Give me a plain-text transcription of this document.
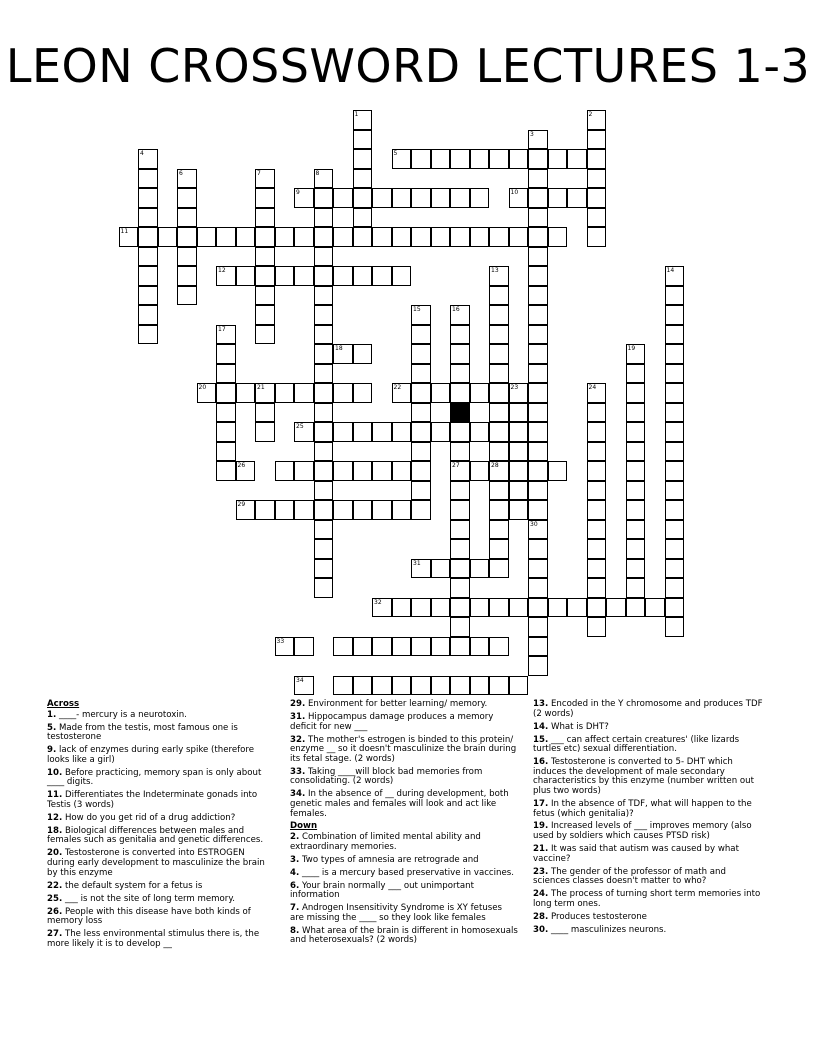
LEON CROSSWORD LECTURES 1-3
1	2
3
4	5
6	7	8
9	10
11
12	13	14
15	16
17
18	19
20	21	22	23	24
25
26	27	28
29
30
31
32
33
34
Across
1. ____- mercury is a neurotoxin.
5. Made from the testis, most famous one is testosterone
9. lack of enzymes during early spike (therefore looks like a girl)
10. Before practicing, memory span is only about ____ digits.
11. Differentiates the Indeterminate gonads into Testis (3 words)
12. How do you get rid of a drug addiction?
18. Biological differences between males and females such as genitalia and genetic differences.
20. Testosterone is converted into ESTROGEN during early development to masculinize the brain by this enzyme
22. the default system for a fetus is
25. ___ is not the site of long term memory.
26. People with this disease have both kinds of memory loss
27. The less environmental stimulus there is, the more likely it is to develop __
29. Environment for better learning/ memory.
31. Hippocampus damage produces a memory deficit for new ___
32. The mother's estrogen is binded to this protein/ enzyme __ so it doesn't masculinize the brain during its fetal stage. (2 words)
33. Taking ____will block bad memories from consolidating. (2 words)
34. In the absence of __ during development, both genetic males and females will look and act like females.
Down
2. Combination of limited mental ability and extraordinary memories.
3. Two types of amnesia are retrograde and
4. ____ is a mercury based preservative in vaccines.
6. Your brain normally ___ out unimportant information
7. Androgen Insensitivity Syndrome is XY fetuses are missing the ____ so they look like females
8. What area of the brain is different in homosexuals and heterosexuals? (2 words)
13. Encoded in the Y chromosome and produces TDF (2 words)
14. What is DHT?
15. ___ can affect certain creatures' (like lizards turtles etc) sexual differentiation.
16. Testosterone is converted to 5- DHT which induces the development of male secondary characteristics by this enzyme (number written out plus two words)
17. In the absence of TDF, what will happen to the fetus (which genitalia)?
19. Increased levels of ___ improves memory (also used by soldiers which causes PTSD risk)
21. It was said that autism was caused by what vaccine?
23. The gender of the professor of math and sciences classes doesn't matter to who?
24. The process of turning short term memories into long term ones.
28. Produces testosterone
30. ____ masculinizes neurons.
